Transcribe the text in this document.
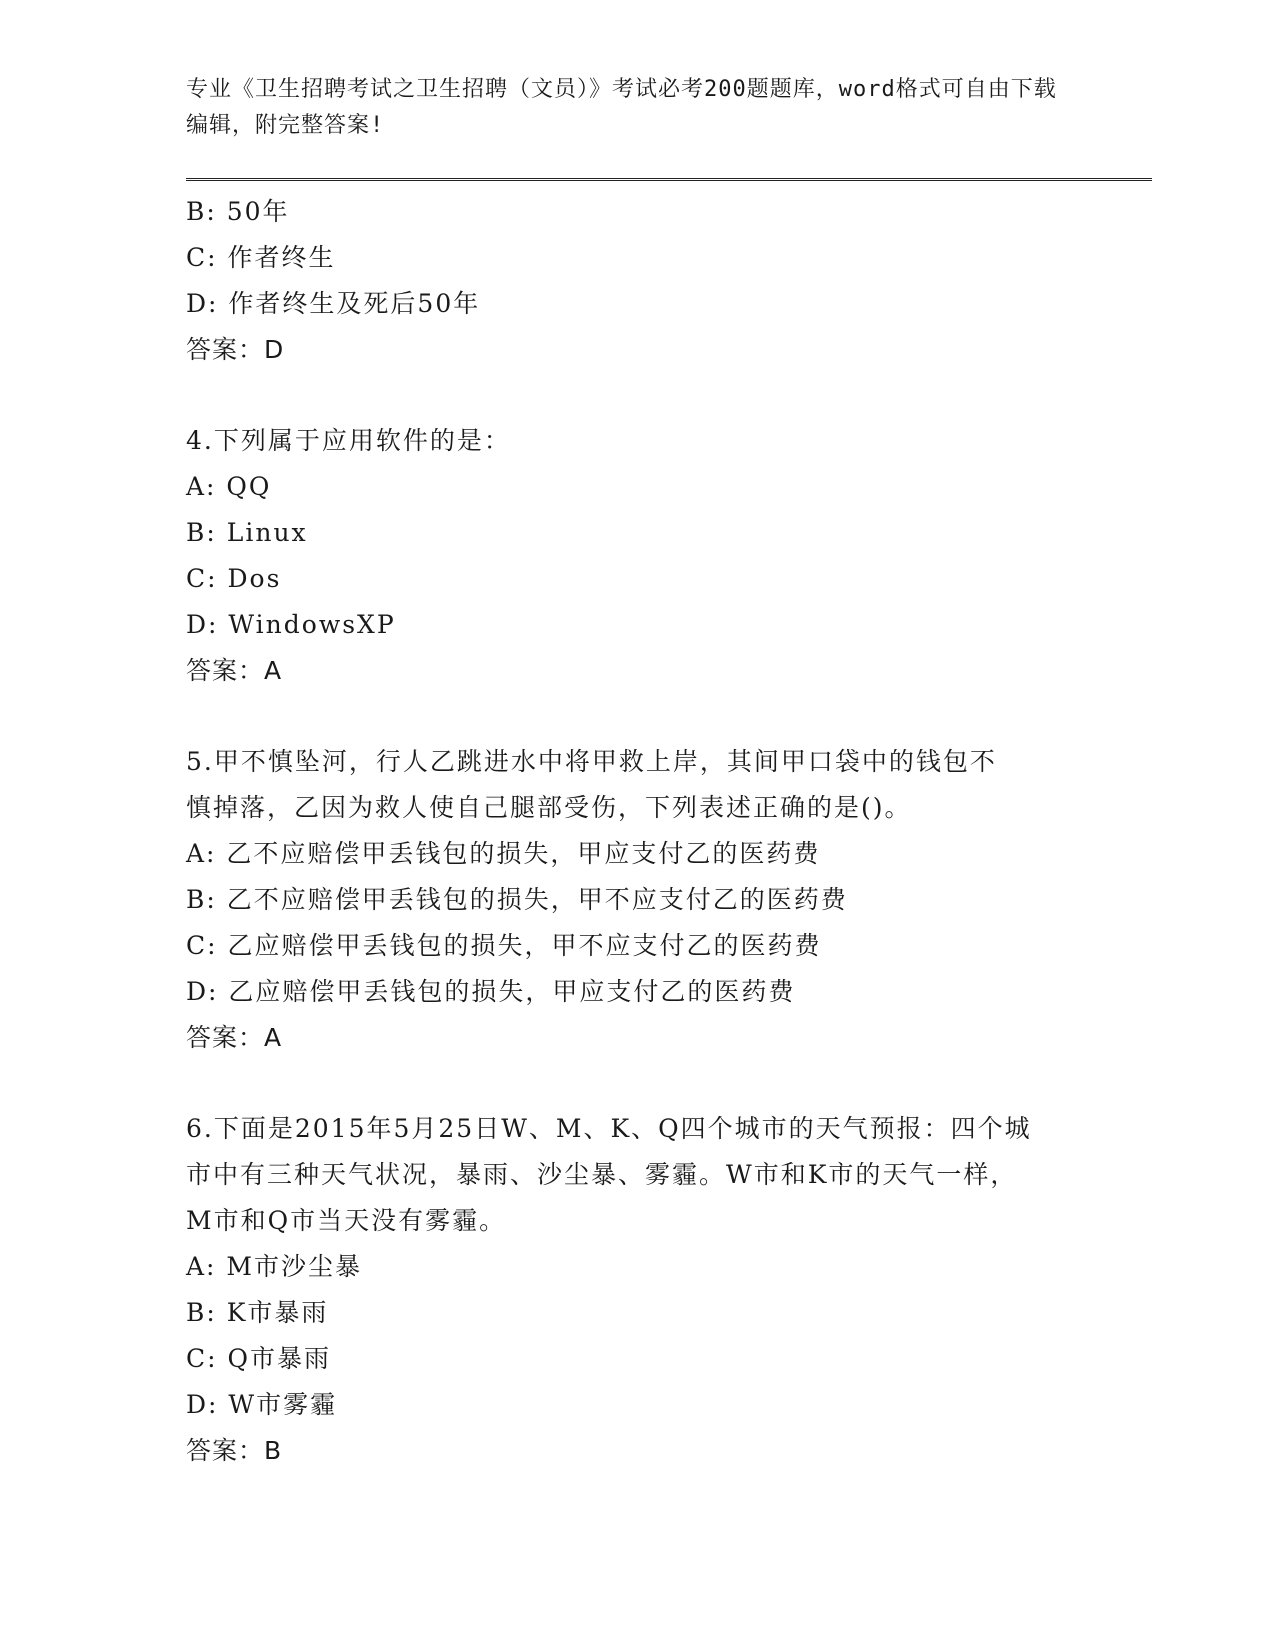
专业《卫生招聘考试之卫生招聘（文员）》考试必考200题题库，word格式可自由下载编辑，附完整答案!
B: 50年
C: 作者终生
D: 作者终生及死后50年
答案：D
4.下列属于应用软件的是：
A: QQ
B: Linux
C: Dos
D: WindowsXP
答案：A
5.甲不慎坠河，行人乙跳进水中将甲救上岸，其间甲口袋中的钱包不
慎掉落，乙因为救人使自己腿部受伤，下列表述正确的是()。
A: 乙不应赔偿甲丢钱包的损失，甲应支付乙的医药费
B: 乙不应赔偿甲丢钱包的损失，甲不应支付乙的医药费
C: 乙应赔偿甲丢钱包的损失，甲不应支付乙的医药费
D: 乙应赔偿甲丢钱包的损失，甲应支付乙的医药费
答案：A
6.下面是2015年5月25日W、M、K、Q四个城市的天气预报：四个城
市中有三种天气状况，暴雨、沙尘暴、雾霾。W市和K市的天气一样，
M市和Q市当天没有雾霾。
A: M市沙尘暴
B: K市暴雨
C: Q市暴雨
D: W市雾霾
答案：B
